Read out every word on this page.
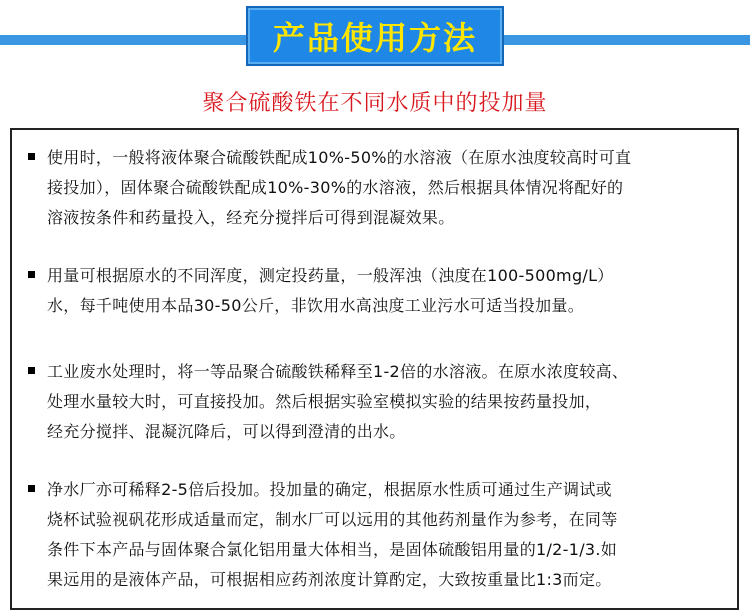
产品使用方法
聚合硫酸铁在不同水质中的投加量
使用时，一般将液体聚合硫酸铁配成10%-50%的水溶液（在原水浊度较高时可直
接投加），固体聚合硫酸铁配成10%-30%的水溶液，然后根据具体情况将配好的
溶液按条件和药量投入，经充分搅拌后可得到混凝效果。
用量可根据原水的不同浑度，测定投药量，一般浑浊（浊度在100-500mg/L）
水，每千吨使用本品30-50公斤，非饮用水高浊度工业污水可适当投加量。
工业废水处理时，将一等品聚合硫酸铁稀释至1-2倍的水溶液。在原水浓度较高、
处理水量较大时，可直接投加。然后根据实验室模拟实验的结果按药量投加，
经充分搅拌、混凝沉降后，可以得到澄清的出水。
净水厂亦可稀释2-5倍后投加。投加量的确定，根据原水性质可通过生产调试或
烧杯试验视矾花形成适量而定，制水厂可以远用的其他药剂量作为参考，在同等
条件下本产品与固体聚合氯化铝用量大体相当，是固体硫酸铝用量的1/2-1/3.如
果远用的是液体产品，可根据相应药剂浓度计算酌定，大致按重量比1:3而定。
